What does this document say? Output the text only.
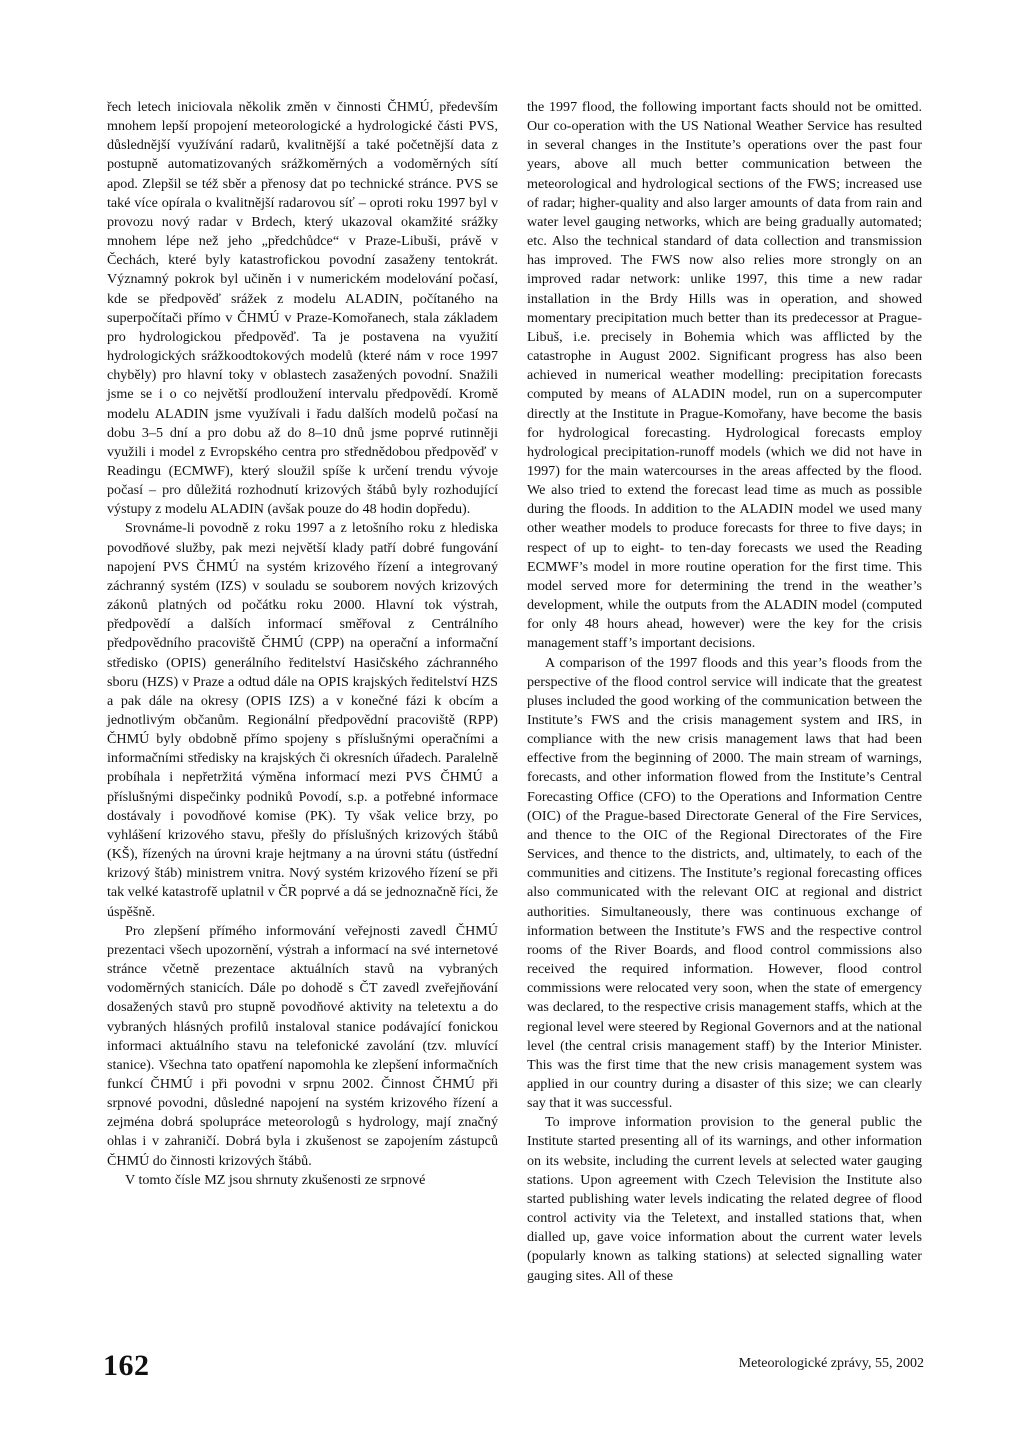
řech letech iniciovala několik změn v činnosti ČHMÚ, především mnohem lepší propojení meteorologické a hydrologické části PVS, důslednější využívání radarů, kvalitnější a také početnější data z postupně automatizovaných srážkoměrných a vodoměrných sítí apod. Zlepšil se též sběr a přenosy dat po technické stránce. PVS se také více opírala o kvalitnější radarovou síť – oproti roku 1997 byl v provozu nový radar v Brdech, který ukazoval okamžité srážky mnohem lépe než jeho „předchůdce“ v Praze-Libuši, právě v Čechách, které byly katastrofickou povodní zasaženy tentokrát. Významný pokrok byl učiněn i v numerickém modelování počasí, kde se předpověď srážek z modelu ALADIN, počítaného na superpočítači přímo v ČHMÚ v Praze-Komořanech, stala základem pro hydrologickou předpověď. Ta je postavena na využití hydrologických srážkoodtokových modelů (které nám v roce 1997 chyběly) pro hlavní toky v oblastech zasažených povodní. Snažili jsme se i o co největší prodloužení intervalu předpovědí. Kromě modelu ALADIN jsme využívali i řadu dalších modelů počasí na dobu 3–5 dní a pro dobu až do 8–10 dnů jsme poprvé rutinněji využili i model z Evropského centra pro střednědobou předpověď v Readingu (ECMWF), který sloužil spíše k určení trendu vývoje počasí – pro důležitá rozhodnutí krizových štábů byly rozhodující výstupy z modelu ALADIN (avšak pouze do 48 hodin dopředu).

Srovnáme-li povodně z roku 1997 a z letošního roku z hlediska povodňové služby, pak mezi největší klady patří dobré fungování napojení PVS ČHMÚ na systém krizového řízení a integrovaný záchranný systém (IZS) v souladu se souborem nových krizových zákonů platných od počátku roku 2000. Hlavní tok výstrah, předpovědí a dalších informací směřoval z Centrálního předpovědního pracoviště ČHMÚ (CPP) na operační a informační středisko (OPIS) generálního ředitelství Hasičského záchranného sboru (HZS) v Praze a odtud dále na OPIS krajských ředitelství HZS a pak dále na okresy (OPIS IZS) a v konečné fázi k obcím a jednotlivým občanům. Regionální předpovědní pracoviště (RPP) ČHMÚ byly obdobně přímo spojeny s příslušnými operačními a informačními středisky na krajských či okresních úřadech. Paralelně probíhala i nepřetržitá výměna informací mezi PVS ČHMÚ a příslušnými dispečinky podniků Povodí, s.p. a potřebné informace dostávaly i povodňové komise (PK). Ty však velice brzy, po vyhlášení krizového stavu, přešly do příslušných krizových štábů (KŠ), řízených na úrovni kraje hejtmany a na úrovni státu (ústřední krizový štáb) ministrem vnitra. Nový systém krizového řízení se při tak velké katastrofě uplatnil v ČR poprvé a dá se jednoznačně říci, že úspěšně.

Pro zlepšení přímého informování veřejnosti zavedl ČHMÚ prezentaci všech upozornění, výstrah a informací na své internetové stránce včetně prezentace aktuálních stavů na vybraných vodoměrných stanicích. Dále po dohodě s ČT zavedl zveřejňování dosažených stavů pro stupně povodňové aktivity na teletextu a do vybraných hlásných profilů instaloval stanice podávající fonickou informaci aktuálního stavu na telefonické zavolání (tzv. mluvící stanice). Všechna tato opatření napomohla ke zlepšení informačních funkcí ČHMÚ i při povodni v srpnu 2002. Činnost ČHMÚ při srpnové povodni, důsledné napojení na systém krizového řízení a zejména dobrá spolupráce meteorologů s hydrology, mají značný ohlas i v zahraničí. Dobrá byla i zkušenost se zapojením zástupců ČHMÚ do činnosti krizových štábů.

V tomto čísle MZ jsou shrnuty zkušenosti ze srpnové

the 1997 flood, the following important facts should not be omitted. Our co-operation with the US National Weather Service has resulted in several changes in the Institute’s operations over the past four years, above all much better communication between the meteorological and hydrological sections of the FWS; increased use of radar; higher-quality and also larger amounts of data from rain and water level gauging networks, which are being gradually automated; etc. Also the technical standard of data collection and transmission has improved. The FWS now also relies more strongly on an improved radar network: unlike 1997, this time a new radar installation in the Brdy Hills was in operation, and showed momentary precipitation much better than its predecessor at Prague-Libuš, i.e. precisely in Bohemia which was afflicted by the catastrophe in August 2002. Significant progress has also been achieved in numerical weather modelling: precipitation forecasts computed by means of ALADIN model, run on a supercomputer directly at the Institute in Prague-Komořany, have become the basis for hydrological forecasting. Hydrological forecasts employ hydrological precipitation-runoff models (which we did not have in 1997) for the main watercourses in the areas affected by the flood. We also tried to extend the forecast lead time as much as possible during the floods. In addition to the ALADIN model we used many other weather models to produce forecasts for three to five days; in respect of up to eight- to ten-day forecasts we used the Reading ECMWF’s model in more routine operation for the first time. This model served more for determining the trend in the weather’s development, while the outputs from the ALADIN model (computed for only 48 hours ahead, however) were the key for the crisis management staff’s important decisions.

A comparison of the 1997 floods and this year’s floods from the perspective of the flood control service will indicate that the greatest pluses included the good working of the communication between the Institute’s FWS and the crisis management system and IRS, in compliance with the new crisis management laws that had been effective from the beginning of 2000. The main stream of warnings, forecasts, and other information flowed from the Institute’s Central Forecasting Office (CFO) to the Operations and Information Centre (OIC) of the Prague-based Directorate General of the Fire Services, and thence to the OIC of the Regional Directorates of the Fire Services, and thence to the districts, and, ultimately, to each of the communities and citizens. The Institute’s regional forecasting offices also communicated with the relevant OIC at regional and district authorities. Simultaneously, there was continuous exchange of information between the Institute’s FWS and the respective control rooms of the River Boards, and flood control commissions also received the required information. However, flood control commissions were relocated very soon, when the state of emergency was declared, to the respective crisis management staffs, which at the regional level were steered by Regional Governors and at the national level (the central crisis management staff) by the Interior Minister. This was the first time that the new crisis management system was applied in our country during a disaster of this size; we can clearly say that it was successful.

To improve information provision to the general public the Institute started presenting all of its warnings, and other information on its website, including the current levels at selected water gauging stations. Upon agreement with Czech Television the Institute also started publishing water levels indicating the related degree of flood control activity via the Teletext, and installed stations that, when dialled up, gave voice information about the current water levels (popularly known as talking stations) at selected signalling water gauging sites. All of these

162	Meteorologické zprávy, 55, 2002
